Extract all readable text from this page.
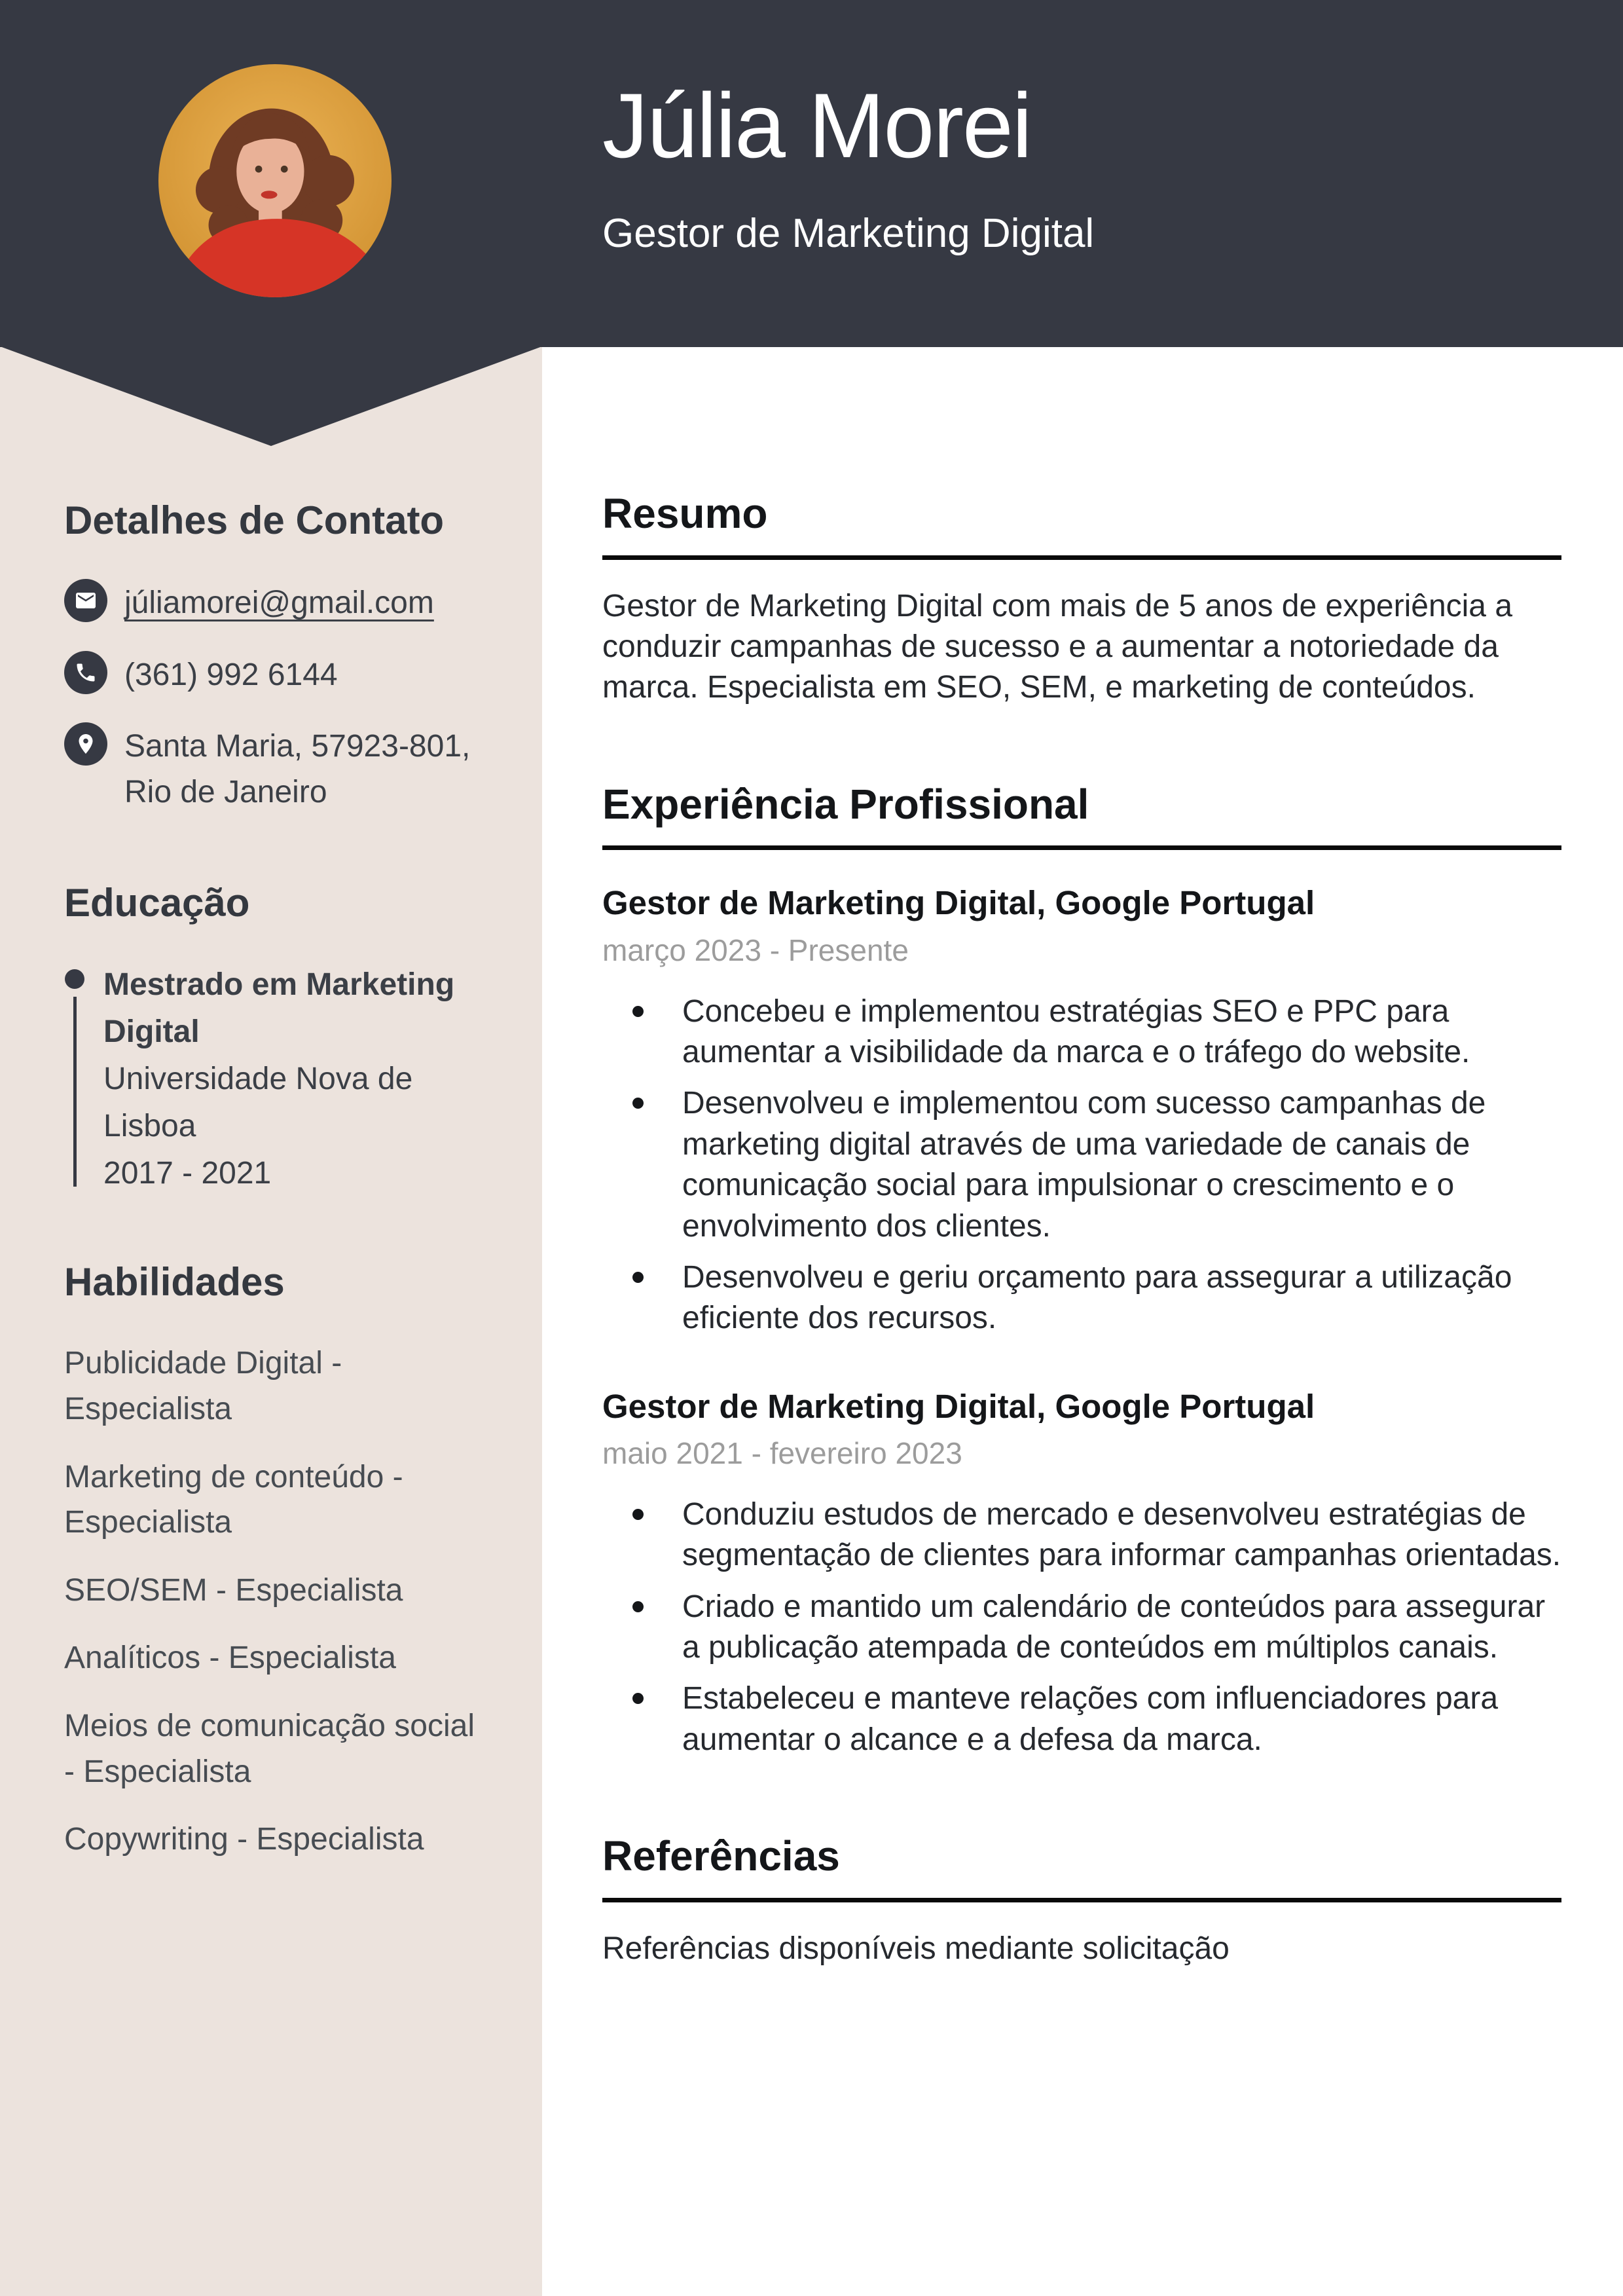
Júlia Morei
Gestor de Marketing Digital
Detalhes de Contato
júliamorei@gmail.com
(361) 992 6144
Santa Maria, 57923-801, Rio de Janeiro
Educação
Mestrado em Marketing Digital
Universidade Nova de Lisboa
2017 - 2021
Habilidades
Publicidade Digital - Especialista
Marketing de conteúdo - Especialista
SEO/SEM - Especialista
Analíticos - Especialista
Meios de comunicação social - Especialista
Copywriting - Especialista
Resumo

Gestor de Marketing Digital com mais de 5 anos de experiência a conduzir campanhas de sucesso e a aumentar a notoriedade da marca. Especialista em SEO, SEM, e marketing de conteúdos.

Experiência Profissional
Gestor de Marketing Digital, Google Portugal
março 2023 - Presente
Concebeu e implementou estratégias SEO e PPC para aumentar a visibilidade da marca e o tráfego do website.
Desenvolveu e implementou com sucesso campanhas de marketing digital através de uma variedade de canais de comunicação social para impulsionar o crescimento e o envolvimento dos clientes.
Desenvolveu e geriu orçamento para assegurar a utilização eficiente dos recursos.
Gestor de Marketing Digital, Google Portugal
maio 2021 - fevereiro 2023
Conduziu estudos de mercado e desenvolveu estratégias de segmentação de clientes para informar campanhas orientadas.
Criado e mantido um calendário de conteúdos para assegurar a publicação atempada de conteúdos em múltiplos canais.
Estabeleceu e manteve relações com influenciadores para aumentar o alcance e a defesa da marca.
Referências

Referências disponíveis mediante solicitação
